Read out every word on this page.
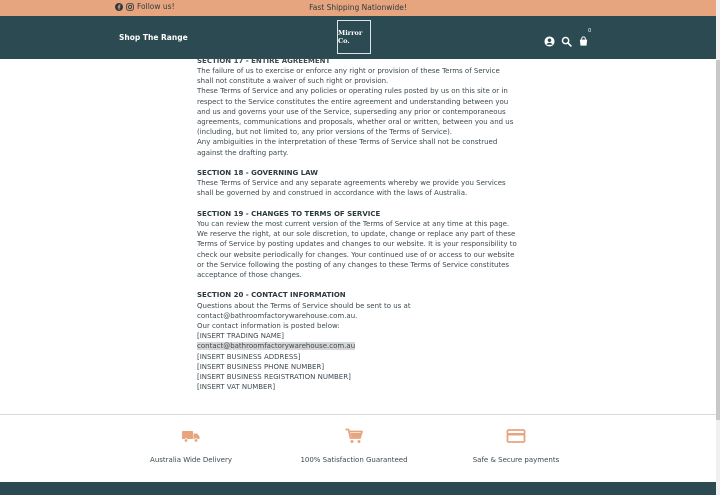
Follow us!	Fast Shipping Nationwide!
Shop The Range	Mirror Co.
0

SECTION 17 - ENTIRE AGREEMENT

The failure of us to exercise or enforce any right or provision of these Terms of Service shall not constitute a waiver of such right or provision.

These Terms of Service and any policies or operating rules posted by us on this site or in respect to the Service constitutes the entire agreement and understanding between you and us and governs your use of the Service, superseding any prior or contemporaneous agreements, communications and proposals, whether oral or written, between you and us (including, but not limited to, any prior versions of the Terms of Service).

Any ambiguities in the interpretation of these Terms of Service shall not be construed against the drafting party.

SECTION 18 - GOVERNING LAW

These Terms of Service and any separate agreements whereby we provide you Services shall be governed by and construed in accordance with the laws of Australia.

SECTION 19 - CHANGES TO TERMS OF SERVICE

You can review the most current version of the Terms of Service at any time at this page.

We reserve the right, at our sole discretion, to update, change or replace any part of these Terms of Service by posting updates and changes to our website. It is your responsibility to check our website periodically for changes. Your continued use of or access to our website or the Service following the posting of any changes to these Terms of Service constitutes acceptance of those changes.

SECTION 20 - CONTACT INFORMATION

Questions about the Terms of Service should be sent to us at contact@bathroomfactorywarehouse.com.au.

Our contact information is posted below:

[INSERT TRADING NAME]

contact@bathroomfactorywarehouse.com.au

[INSERT BUSINESS ADDRESS]

[INSERT BUSINESS PHONE NUMBER]

[INSERT BUSINESS REGISTRATION NUMBER]

[INSERT VAT NUMBER]

Australia Wide Delivery	100% Satisfaction Guaranteed	Safe & Secure payments
